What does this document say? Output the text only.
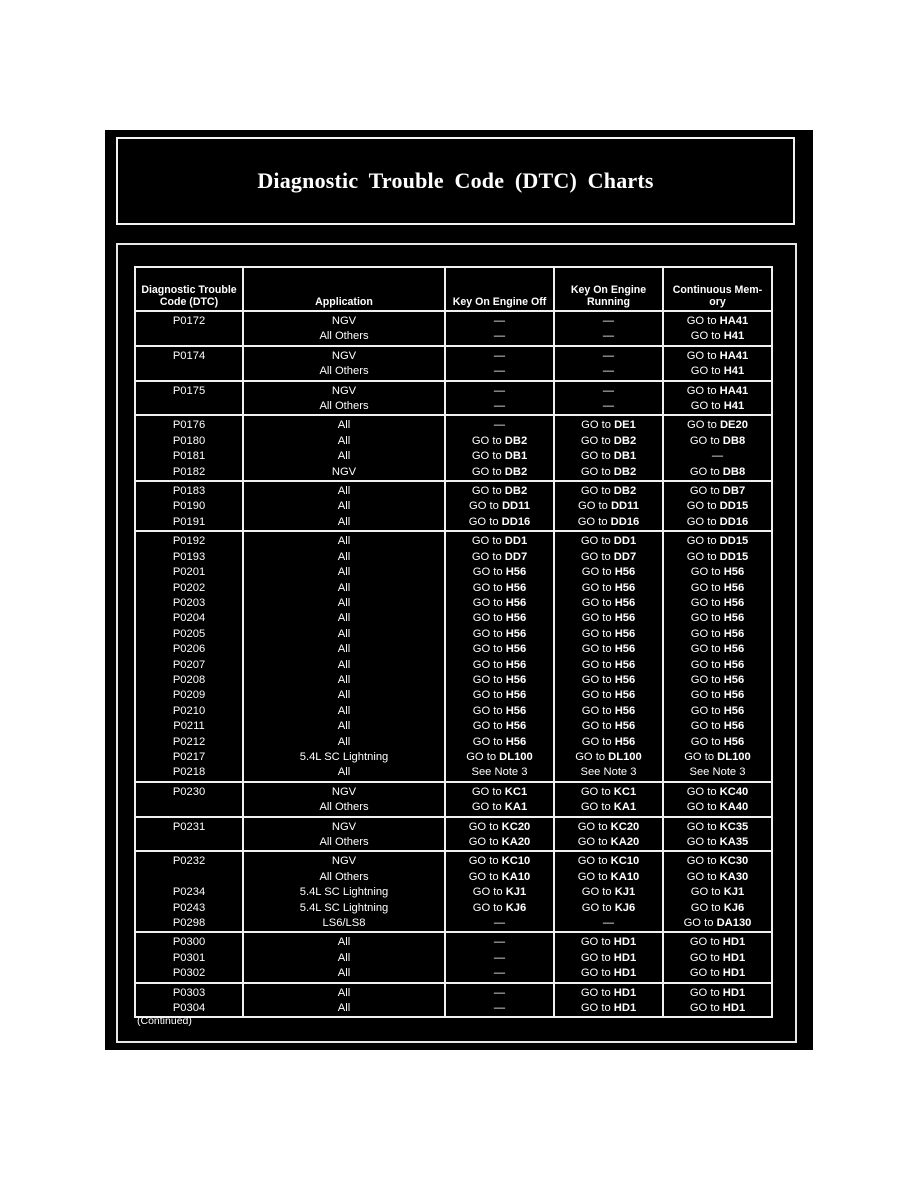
Diagnostic Trouble Code (DTC) Charts
Diagnostic Trouble Code (DTC)	Application	Key On Engine Off	Key On Engine Running	Continuous Mem- ory
P0172	NGV	—	—	GO to HA41
	All Others	—	—	GO to H41
P0174	NGV	—	—	GO to HA41
	All Others	—	—	GO to H41
P0175	NGV	—	—	GO to HA41
	All Others	—	—	GO to H41
P0176	All	—	GO to DE1	GO to DE20
P0180	All	GO to DB2	GO to DB2	GO to DB8
P0181	All	GO to DB1	GO to DB1	—
P0182	NGV	GO to DB2	GO to DB2	GO to DB8
P0183	All	GO to DB2	GO to DB2	GO to DB7
P0190	All	GO to DD11	GO to DD11	GO to DD15
P0191	All	GO to DD16	GO to DD16	GO to DD16
P0192	All	GO to DD1	GO to DD1	GO to DD15
P0193	All	GO to DD7	GO to DD7	GO to DD15
P0201	All	GO to H56	GO to H56	GO to H56
P0202	All	GO to H56	GO to H56	GO to H56
P0203	All	GO to H56	GO to H56	GO to H56
P0204	All	GO to H56	GO to H56	GO to H56
P0205	All	GO to H56	GO to H56	GO to H56
P0206	All	GO to H56	GO to H56	GO to H56
P0207	All	GO to H56	GO to H56	GO to H56
P0208	All	GO to H56	GO to H56	GO to H56
P0209	All	GO to H56	GO to H56	GO to H56
P0210	All	GO to H56	GO to H56	GO to H56
P0211	All	GO to H56	GO to H56	GO to H56
P0212	All	GO to H56	GO to H56	GO to H56
P0217	5.4L SC Lightning	GO to DL100	GO to DL100	GO to DL100
P0218	All	See Note 3	See Note 3	See Note 3
P0230	NGV	GO to KC1	GO to KC1	GO to KC40
	All Others	GO to KA1	GO to KA1	GO to KA40
P0231	NGV	GO to KC20	GO to KC20	GO to KC35
	All Others	GO to KA20	GO to KA20	GO to KA35
P0232	NGV	GO to KC10	GO to KC10	GO to KC30
	All Others	GO to KA10	GO to KA10	GO to KA30
P0234	5.4L SC Lightning	GO to KJ1	GO to KJ1	GO to KJ1
P0243	5.4L SC Lightning	GO to KJ6	GO to KJ6	GO to KJ6
P0298	LS6/LS8	—	—	GO to DA130
P0300	All	—	GO to HD1	GO to HD1
P0301	All	—	GO to HD1	GO to HD1
P0302	All	—	GO to HD1	GO to HD1
P0303	All	—	GO to HD1	GO to HD1
P0304	All	—	GO to HD1	GO to HD1
(Continued)
